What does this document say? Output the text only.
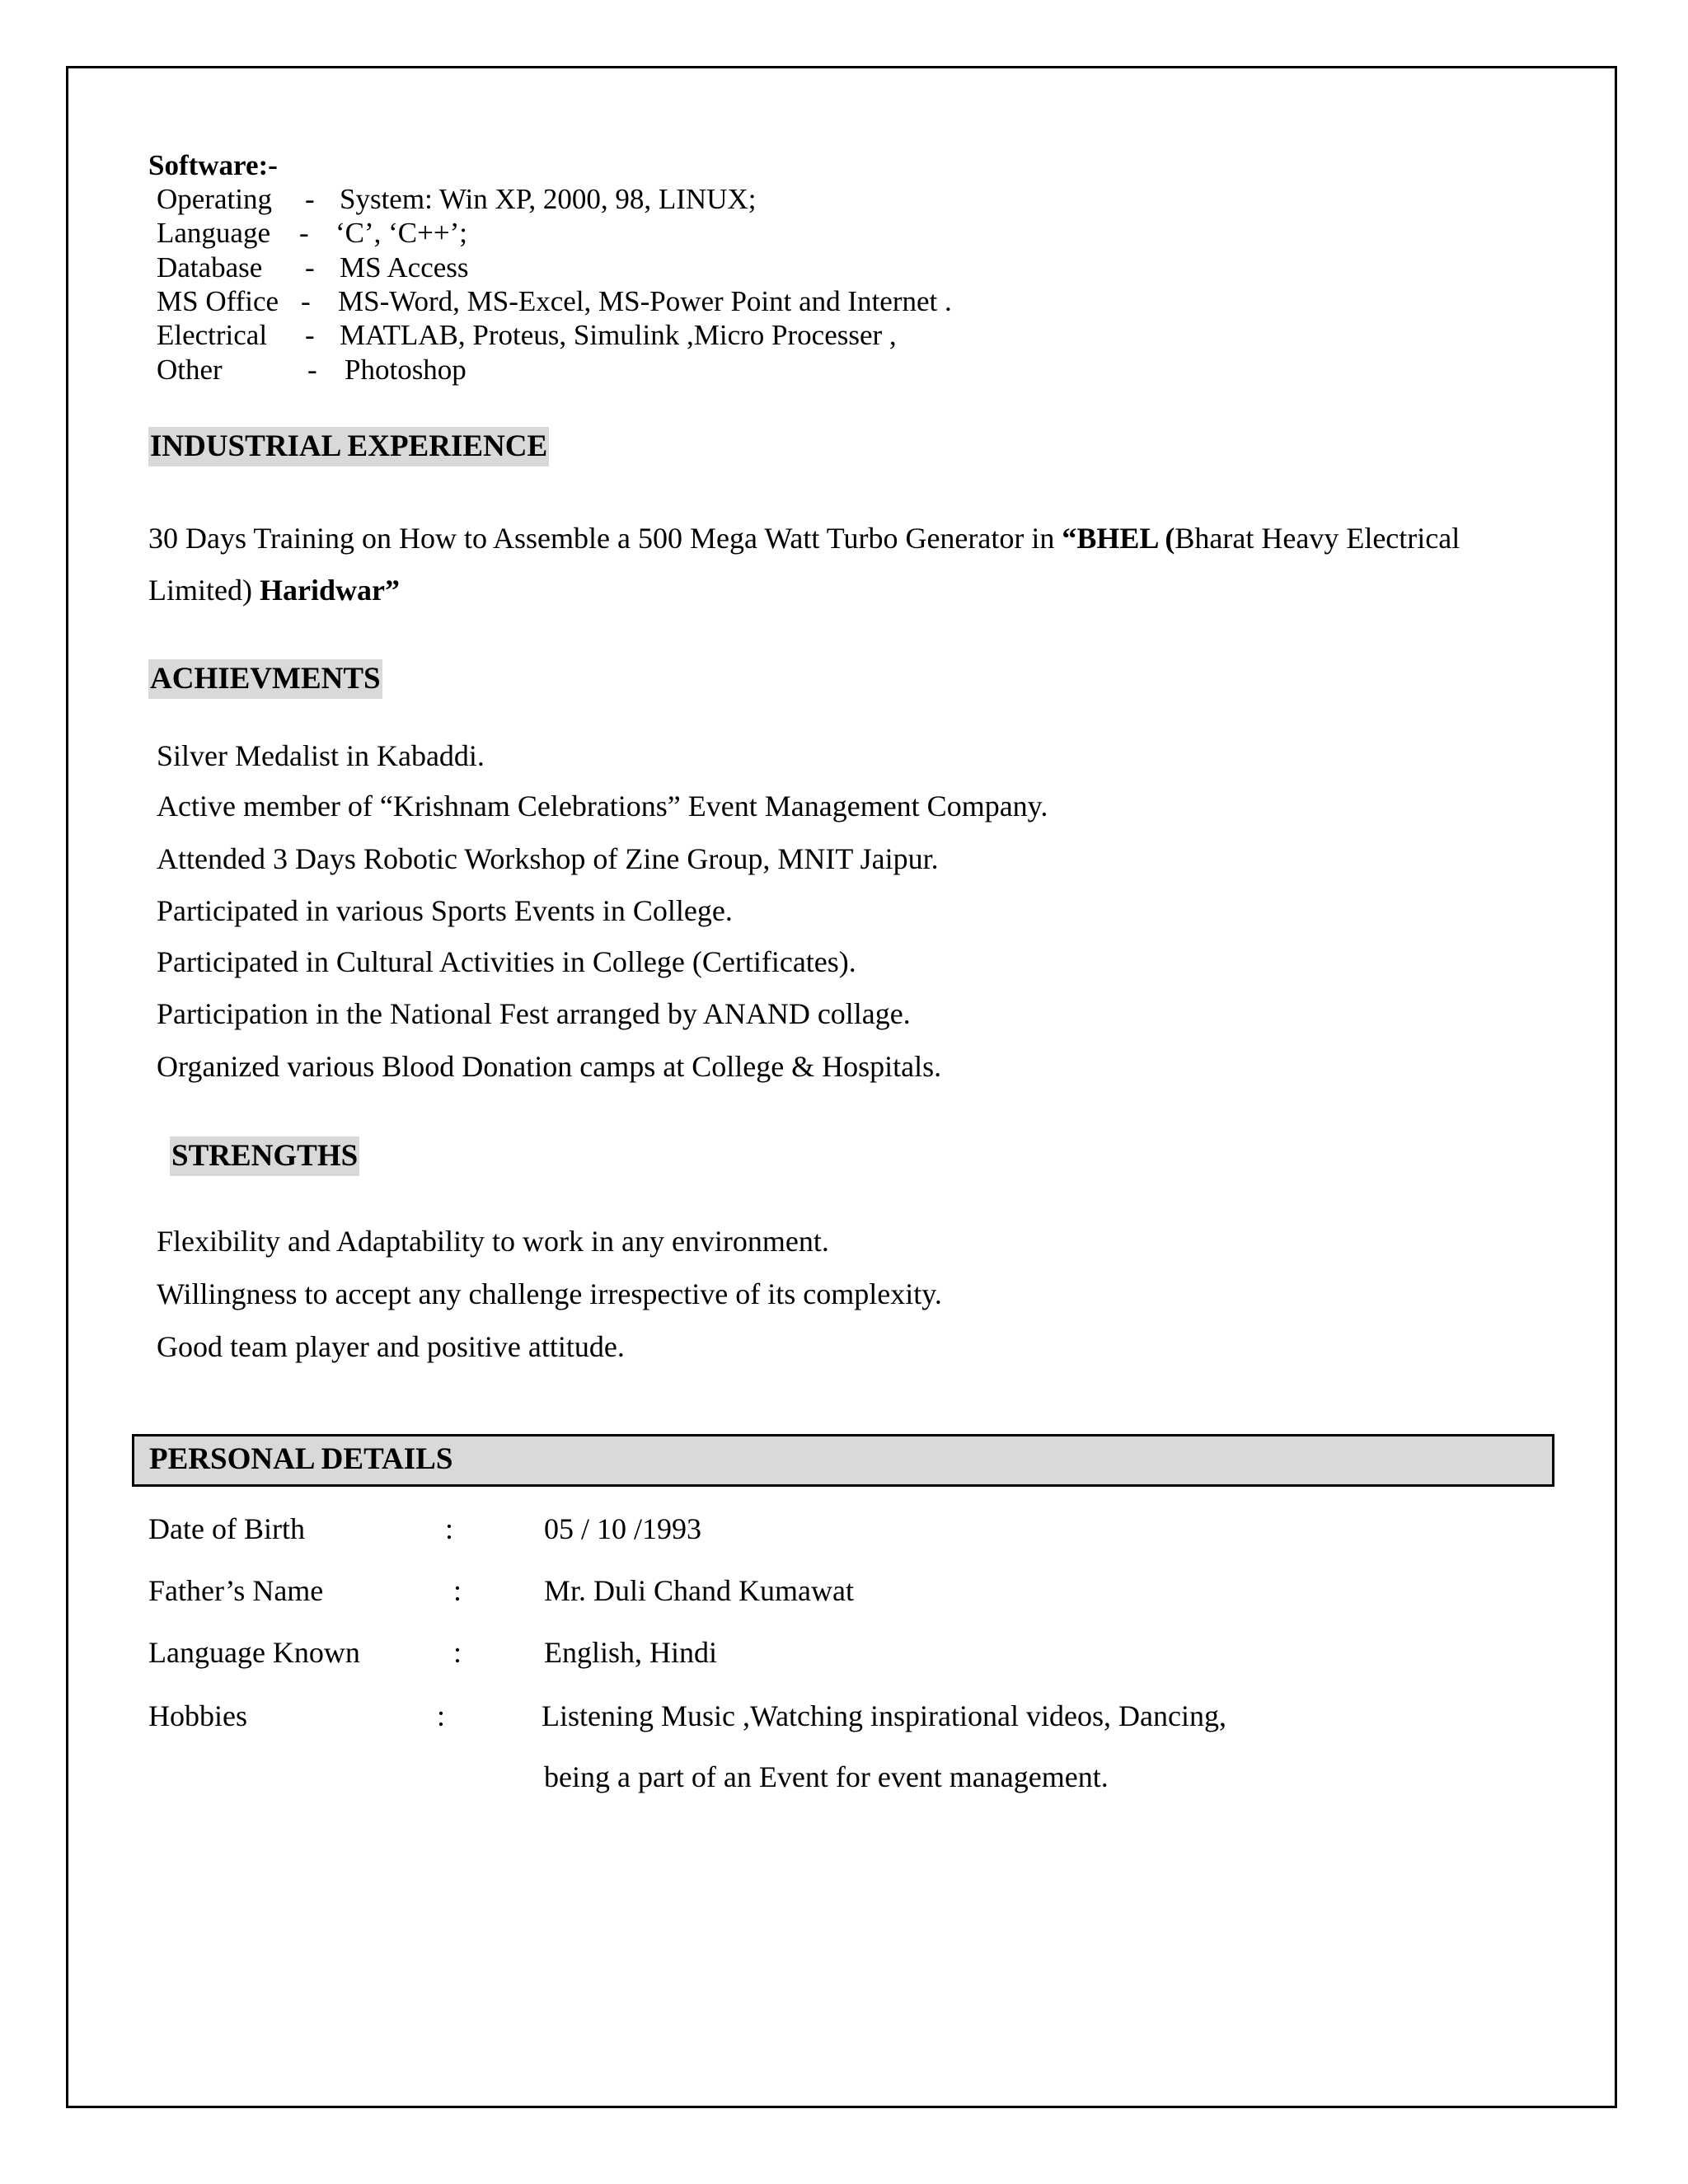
Software:-
Operating - System: Win XP, 2000, 98, LINUX;
Language - ‘C’, ‘C++’;
Database - MS Access
MS Office - MS-Word, MS-Excel, MS-Power Point and Internet .
Electrical - MATLAB, Proteus, Simulink ,Micro Processer ,
Other	- Photoshop
INDUSTRIAL EXPERIENCE
30 Days Training on How to Assemble a 500 Mega Watt Turbo Generator in “BHEL (Bharat Heavy Electrical
Limited) Haridwar”
ACHIEVMENTS
Silver Medalist in Kabaddi.
Active member of “Krishnam Celebrations” Event Management Company.
Attended 3 Days Robotic Workshop of Zine Group, MNIT Jaipur.
Participated in various Sports Events in College.
Participated in Cultural Activities in College (Certificates).
Participation in the National Fest arranged by ANAND collage.
Organized various Blood Donation camps at College & Hospitals.
STRENGTHS
Flexibility and Adaptability to work in any environment.
Willingness to accept any challenge irrespective of its complexity.
Good team player and positive attitude.
PERSONAL DETAILS
Date of Birth	:	05 / 10 /1993
Father’s Name	:	Mr. Duli Chand Kumawat
Language Known	:	English, Hindi
Hobbies	:	Listening Music ,Watching inspirational videos, Dancing,
being a part of an Event for event management.
